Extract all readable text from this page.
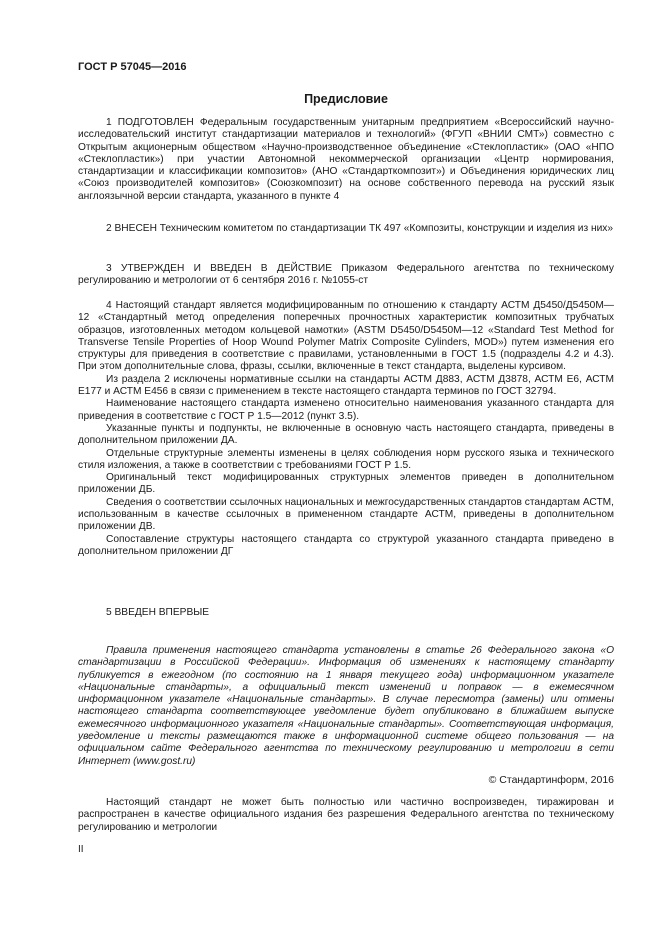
ГОСТ Р 57045—2016
Предисловие

1 ПОДГОТОВЛЕН Федеральным государственным унитарным предприятием «Всероссийский научно-исследовательский институт стандартизации материалов и технологий» (ФГУП «ВНИИ СМТ») совместно с Открытым акционерным обществом «Научно-производственное объединение «Стеклопластик» (ОАО «НПО «Стеклопластик») при участии Автономной некоммерческой организации «Центр нормирования, стандартизации и классификации композитов» (АНО «Стандарткомпозит») и Объединения юридических лиц «Союз производителей композитов» (Союзкомпозит) на основе собственного перевода на русский язык англоязычной версии стандарта, указанного в пункте 4

2 ВНЕСЕН Техническим комитетом по стандартизации ТК 497 «Композиты, конструкции и изделия из них»

3 УТВЕРЖДЕН И ВВЕДЕН В ДЕЙСТВИЕ Приказом Федерального агентства по техническому регулированию и метрологии от 6 сентября 2016 г. №1055-ст

4 Настоящий стандарт является модифицированным по отношению к стандарту АСТМ Д5450/Д5450М—12 «Стандартный метод определения поперечных прочностных характеристик композитных трубчатых образцов, изготовленных методом кольцевой намотки» (ASTM D5450/D5450M—12 «Standard Test Method for Transverse Tensile Properties of Hoop Wound Polymer Matrix Composite Cylinders, MOD») путем изменения его структуры для приведения в соответствие с правилами, установленными в ГОСТ 1.5 (подразделы 4.2 и 4.3). При этом дополнительные слова, фразы, ссылки, включенные в текст стандарта, выделены курсивом.

Из раздела 2 исключены нормативные ссылки на стандарты АСТМ Д883, АСТМ Д3878, АСТМ Е6, АСТМ Е177 и АСТМ Е456 в связи с применением в тексте настоящего стандарта терминов по ГОСТ 32794.

Наименование настоящего стандарта изменено относительно наименования указанного стандарта для приведения в соответствие с ГОСТ Р 1.5—2012 (пункт 3.5).

Указанные пункты и подпункты, не включенные в основную часть настоящего стандарта, приведены в дополнительном приложении ДА.

Отдельные структурные элементы изменены в целях соблюдения норм русского языка и технического стиля изложения, а также в соответствии с требованиями ГОСТ Р 1.5.

Оригинальный текст модифицированных структурных элементов приведен в дополнительном приложении ДБ.

Сведения о соответствии ссылочных национальных и межгосударственных стандартов стандартам АСТМ, использованным в качестве ссылочных в примененном стандарте АСТМ, приведены в дополнительном приложении ДВ.

Сопоставление структуры настоящего стандарта со структурой указанного стандарта приведено в дополнительном приложении ДГ

5 ВВЕДЕН ВПЕРВЫЕ

Правила применения настоящего стандарта установлены в статье 26 Федерального закона «О стандартизации в Российской Федерации». Информация об изменениях к настоящему стандарту публикуется в ежегодном (по состоянию на 1 января текущего года) информационном указателе «Национальные стандарты», а официальный текст изменений и поправок — в ежемесячном информационном указателе «Национальные стандарты». В случае пересмотра (замены) или отмены настоящего стандарта соответствующее уведомление будет опубликовано в ближайшем выпуске ежемесячного информационного указателя «Национальные стандарты». Соответствующая информация, уведомление и тексты размещаются также в информационной системе общего пользования — на официальном сайте Федерального агентства по техническому регулированию и метрологии в сети Интернет (www.gost.ru)

© Стандартинформ, 2016

Настоящий стандарт не может быть полностью или частично воспроизведен, тиражирован и распространен в качестве официального издания без разрешения Федерального агентства по техническому регулированию и метрологии

II
